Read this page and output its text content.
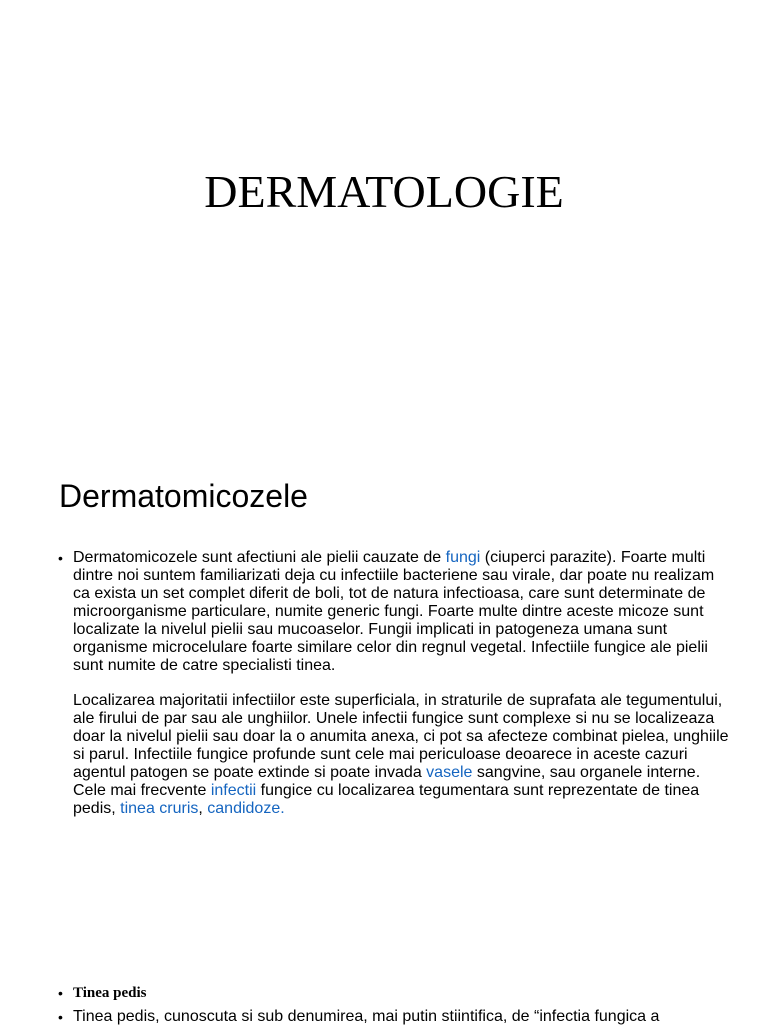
DERMATOLOGIE
Dermatomicozele
• Dermatomicozele sunt afectiuni ale pielii cauzate de fungi (ciuperci parazite). Foarte multi dintre noi suntem familiarizati deja cu infectiile bacteriene sau virale, dar poate nu realizam ca exista un set complet diferit de boli, tot de natura infectioasa, care sunt determinate de microorganisme particulare, numite generic fungi. Foarte multe dintre aceste micoze sunt localizate la nivelul pielii sau mucoaselor. Fungii implicati in patogeneza umana sunt organisme microcelulare foarte similare celor din regnul vegetal. Infectiile fungice ale pielii sunt numite de catre specialisti tinea.

Localizarea majoritatii infectiilor este superficiala, in straturile de suprafata ale tegumentului, ale firului de par sau ale unghiilor. Unele infectii fungice sunt complexe si nu se localizeaza doar la nivelul pielii sau doar la o anumita anexa, ci pot sa afecteze combinat pielea, unghiile si parul. Infectiile fungice profunde sunt cele mai periculoase deoarece in aceste cazuri agentul patogen se poate extinde si poate invada vasele sangvine, sau organele interne. Cele mai frecvente infectii fungice cu localizarea tegumentara sunt reprezentate de tinea pedis, tinea cruris, candidoze.

• Tinea pedis
• Tinea pedis, cunoscuta si sub denumirea, mai putin stiintifica, de “infectia fungica a
